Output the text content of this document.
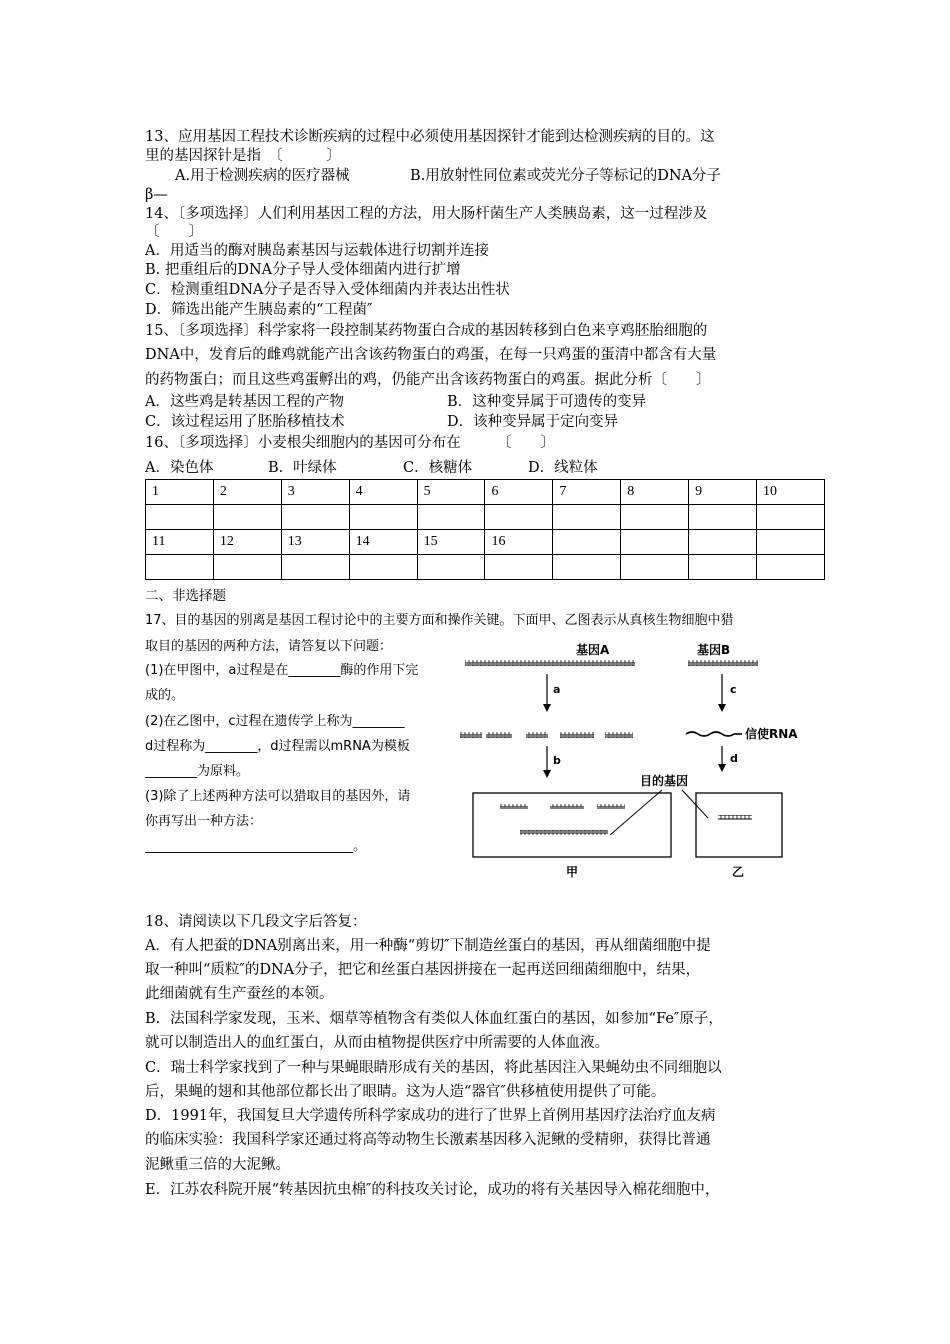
13、应用基因工程技术诊断疾病的过程中必须使用基因探针才能到达检测疾病的目的。这
里的基因探针是指　〔　　　〕
A.用于检测疾病的医疗器械	B.用放射性同位素或荧光分子等标记的DNA分子
β—
14、〔多项选择〕人们利用基因工程的方法，用大肠杆菌生产人类胰岛素，这一过程涉及
〔　　〕
A．用适当的酶对胰岛素基因与运载体进行切割并连接
B. 把重组后的DNA分子导人受体细菌内进行扩增
C．检测重组DNA分子是否导入受体细菌内并表达出性状
D．筛选出能产生胰岛素的“工程菌″
15、〔多项选择〕科学家将一段控制某药物蛋白合成的基因转移到白色来亨鸡胚胎细胞的
DNA中，发育后的雌鸡就能产出含该药物蛋白的鸡蛋，在每一只鸡蛋的蛋清中都含有大量
的药物蛋白；而且这些鸡蛋孵出的鸡，仍能产出含该药物蛋白的鸡蛋。据此分析〔　　〕
A．这些鸡是转基因工程的产物	B．这种变异属于可遗传的变异
C．该过程运用了胚胎移植技术	D．该种变异属于定向变异
16、〔多项选择〕小麦根尖细胞内的基因可分布在　　　〔　　〕
A．染色体	B．叶绿体	C．核糖体	D．线粒体
1	2	3	4	5	6	7	8	9	10

11	12	13	14	15	16				

二、非选择题
17、目的基因的别离是基因工程讨论中的主要方面和操作关键。下面甲、乙图表示从真核生物细胞中猎
取目的基因的两种方法，请答复以下问题：
(1)在甲图中，a过程是在________酶的作用下完
成的。
(2)在乙图中，c过程在遗传学上称为________
d过程称为________，d过程需以mRNA为模板
________为原料。
(3)除了上述两种方法可以猎取目的基因外，请
你再写出一种方法：
________________________________。
基因A
a
b
目的基因
基因B
c
信使RNA
d
甲	乙
18、请阅读以下几段文字后答复：
A．有人把蚕的DNA别离出来，用一种酶“剪切″下制造丝蛋白的基因，再从细菌细胞中提
取一种叫“质粒″的DNA分子，把它和丝蛋白基因拼接在一起再送回细菌细胞中，结果，
此细菌就有生产蚕丝的本领。
B．法国科学家发现，玉米、烟草等植物含有类似人体血红蛋白的基因，如参加“Fe″原子，
就可以制造出人的血红蛋白，从而由植物提供医疗中所需要的人体血液。
C．瑞士科学家找到了一种与果蝇眼睛形成有关的基因，将此基因注入果蝇幼虫不同细胞以
后，果蝇的翅和其他部位都长出了眼睛。这为人造“器官″供移植使用提供了可能。
D．1991年，我国复旦大学遗传所科学家成功的进行了世界上首例用基因疗法治疗血友病
的临床实验：我国科学家还通过将高等动物生长激素基因移入泥鳅的受精卵，获得比普通
泥鳅重三倍的大泥鳅。
E．江苏农科院开展“转基因抗虫棉″的科技攻关讨论，成功的将有关基因导入棉花细胞中，
